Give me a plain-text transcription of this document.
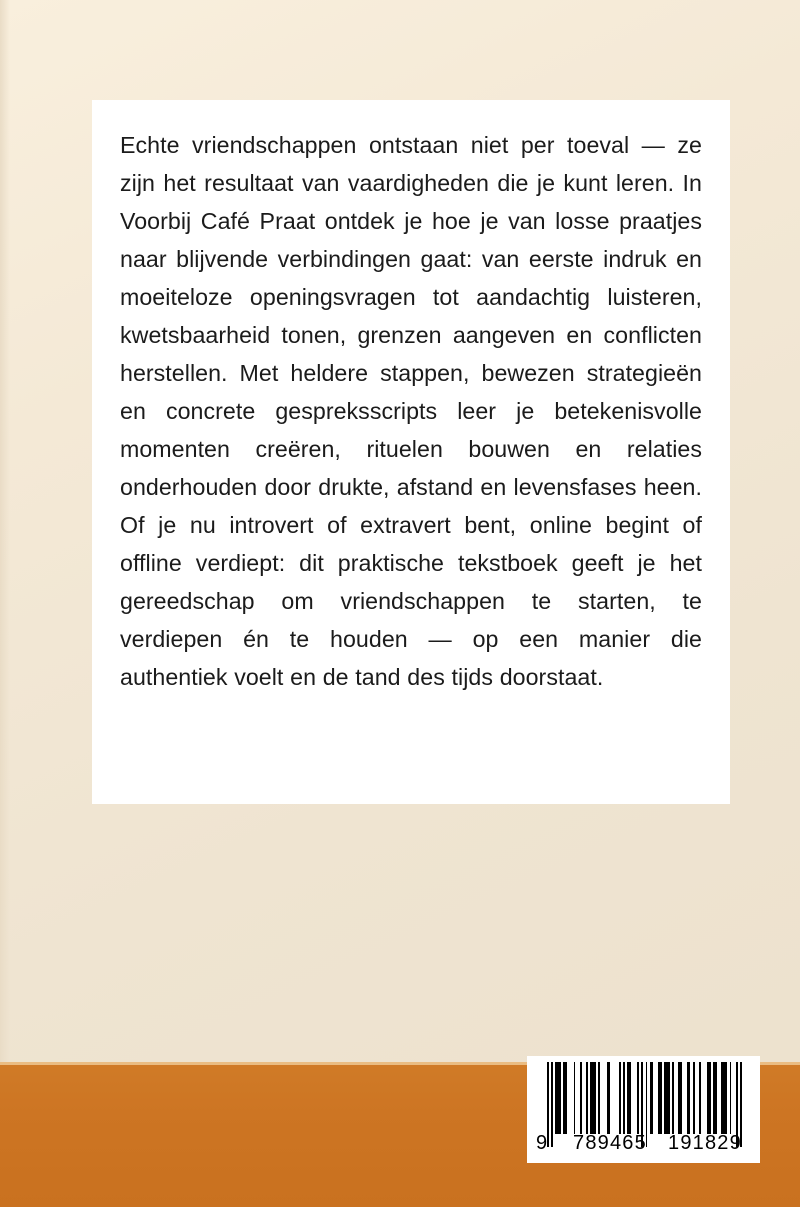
Echte vriendschappen ontstaan niet per toeval — ze zijn het resultaat van vaardigheden die je kunt leren. In Voorbij Café Praat ontdek je hoe je van losse praatjes naar blijvende verbindingen gaat: van eerste indruk en moeiteloze openingsvragen tot aandachtig luisteren, kwetsbaarheid tonen, grenzen aangeven en conflicten herstellen. Met heldere stappen, bewezen strategieën en concrete gespreksscripts leer je betekenisvolle momenten creëren, rituelen bouwen en relaties onderhouden door drukte, afstand en levensfases heen. Of je nu introvert of extravert bent, online begint of offline verdiept: dit praktische tekstboek geeft je het gereedschap om vriendschappen te starten, te verdiepen én te houden — op een manier die authentiek voelt en de tand des tijds doorstaat.

9 789465 191829
